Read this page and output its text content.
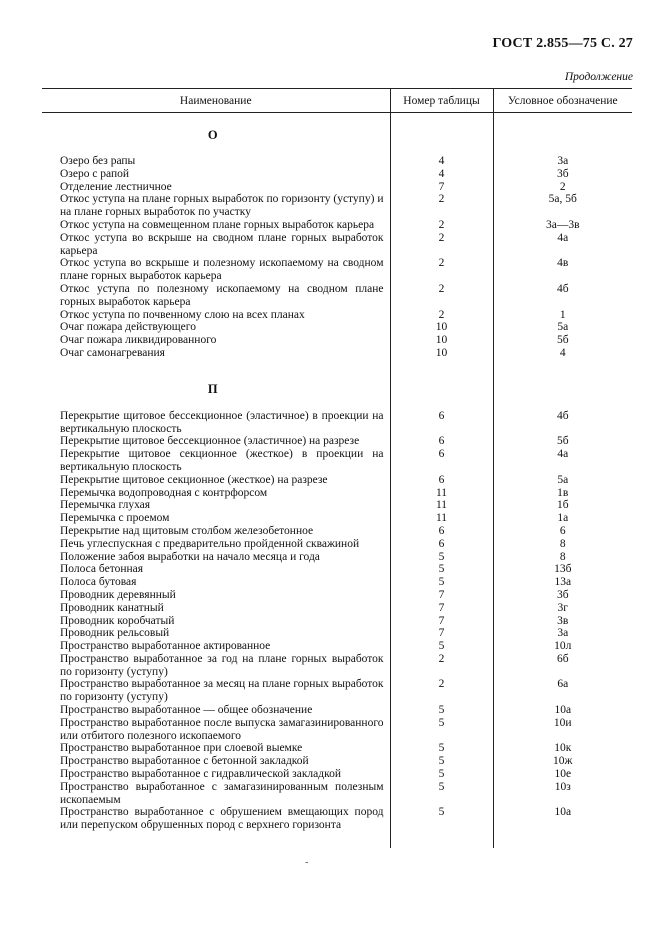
ГОСТ 2.855—75 С. 27
Продолжение
Наименование	Номер таблицы	Условное обозначение
О		
Озеро без рапы	4	3а
Озеро с рапой	4	3б
Отделение лестничное	7	2
Откос уступа на плане горных выработок по горизонту (уступу) и на плане горных выработок по участку	2	5а, 5б
Откос уступа на совмещенном плане горных выработок карьера	2	3а—3в
Откос уступа во вскрыше на сводном плане горных выработок карьера	2	4а
Откос уступа во вскрыше и полезному ископаемому на сводном плане горных выработок карьера	2	4в
Откос уступа по полезному ископаемому на сводном плане горных выработок карьера	2	4б
Откос уступа по почвенному слою на всех планах	2	1
Очаг пожара действующего	10	5а
Очаг пожара ликвидированного	10	5б
Очаг самонагревания	10	4

П		
Перекрытие щитовое бессекционное (эластичное) в проекции на вертикальную плоскость	6	4б
Перекрытие щитовое бессекционное (эластичное) на разрезе	6	5б
Перекрытие щитовое секционное (жесткое) в проекции на вертикальную плоскость	6	4а
Перекрытие щитовое секционное (жесткое) на разрезе	6	5а
Перемычка водопроводная с контрфорсом	11	1в
Перемычка глухая	11	1б
Перемычка с проемом	11	1а
Перекрытие над щитовым столбом железобетонное	6	6
Печь углеспускная с предварительно пройденной скважиной	6	8
Положение забоя выработки на начало месяца и года	5	8
Полоса бетонная	5	13б
Полоса бутовая	5	13а
Проводник деревянный	7	3б
Проводник канатный	7	3г
Проводник коробчатый	7	3в
Проводник рельсовый	7	3а
Пространство выработанное актированное	5	10л
Пространство выработанное за год на плане горных выработок по горизонту (уступу)	2	6б
Пространство выработанное за месяц на плане горных выработок по горизонту (уступу)	2	6а
Пространство выработанное — общее обозначение	5	10а
Пространство выработанное после выпуска замагазинированного или отбитого полезного ископаемого	5	10и
Пространство выработанное при слоевой выемке	5	10к
Пространство выработанное с бетонной закладкой	5	10ж
Пространство выработанное с гидравлической закладкой	5	10е
Пространство выработанное с замагазинированным полезным ископаемым	5	10з
Пространство выработанное с обрушением вмещающих пород или перепуском обрушенных пород с верхнего горизонта	5	10а

-
